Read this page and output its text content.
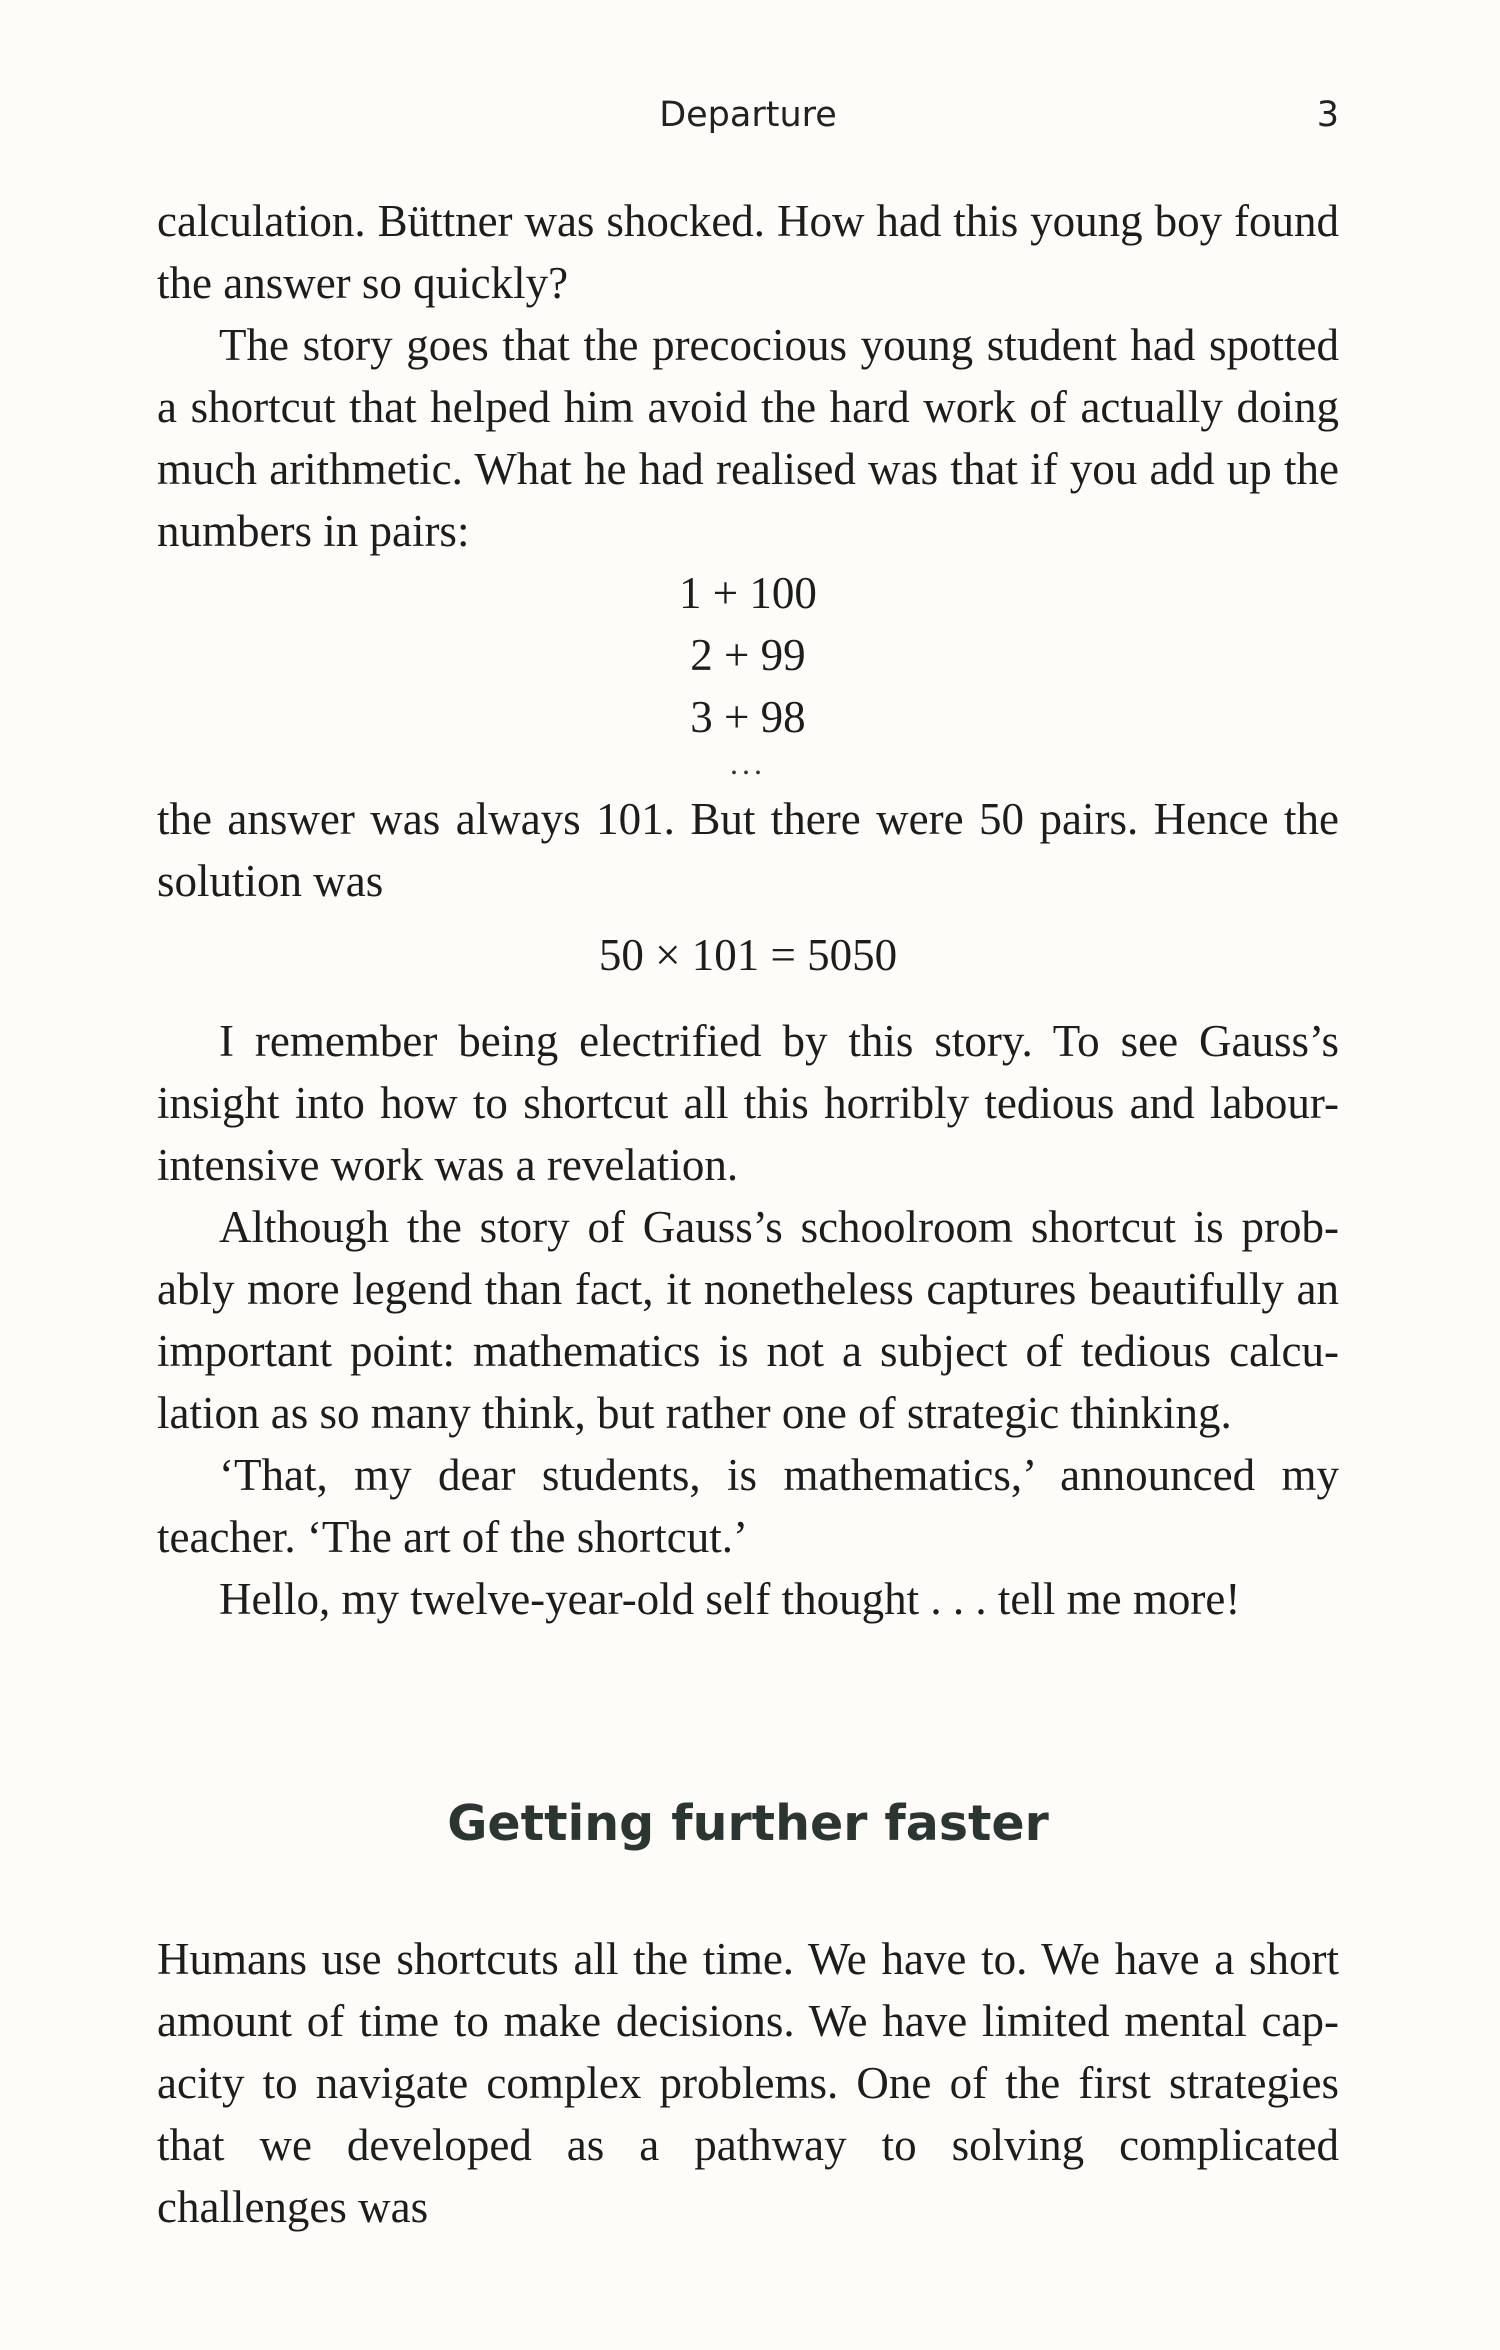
Departure	3

calculation. Büttner was shocked. How had this young boy found the answer so quickly?

The story goes that the precocious young student had spotted a shortcut that helped him avoid the hard work of actually doing much arithmetic. What he had realised was that if you add up the numbers in pairs:

1 + 100

2 + 99

3 + 98

...

the answer was always 101. But there were 50 pairs. Hence the solution was

50 × 101 = 5050

I remember being electrified by this story. To see Gauss’s insight into how to shortcut all this horribly tedious and labour-intensive work was a revelation.

Although the story of Gauss’s schoolroom shortcut is probably more legend than fact, it nonetheless captures beautifully an important point: mathematics is not a subject of tedious calculation as so many think, but rather one of strategic thinking.

‘That, my dear students, is mathematics,’ announced my teacher. ‘The art of the shortcut.’

Hello, my twelve-year-old self thought . . . tell me more!

Getting further faster

Humans use shortcuts all the time. We have to. We have a short amount of time to make decisions. We have limited mental capacity to navigate complex problems. One of the first strategies that we developed as a pathway to solving complicated challenges was
